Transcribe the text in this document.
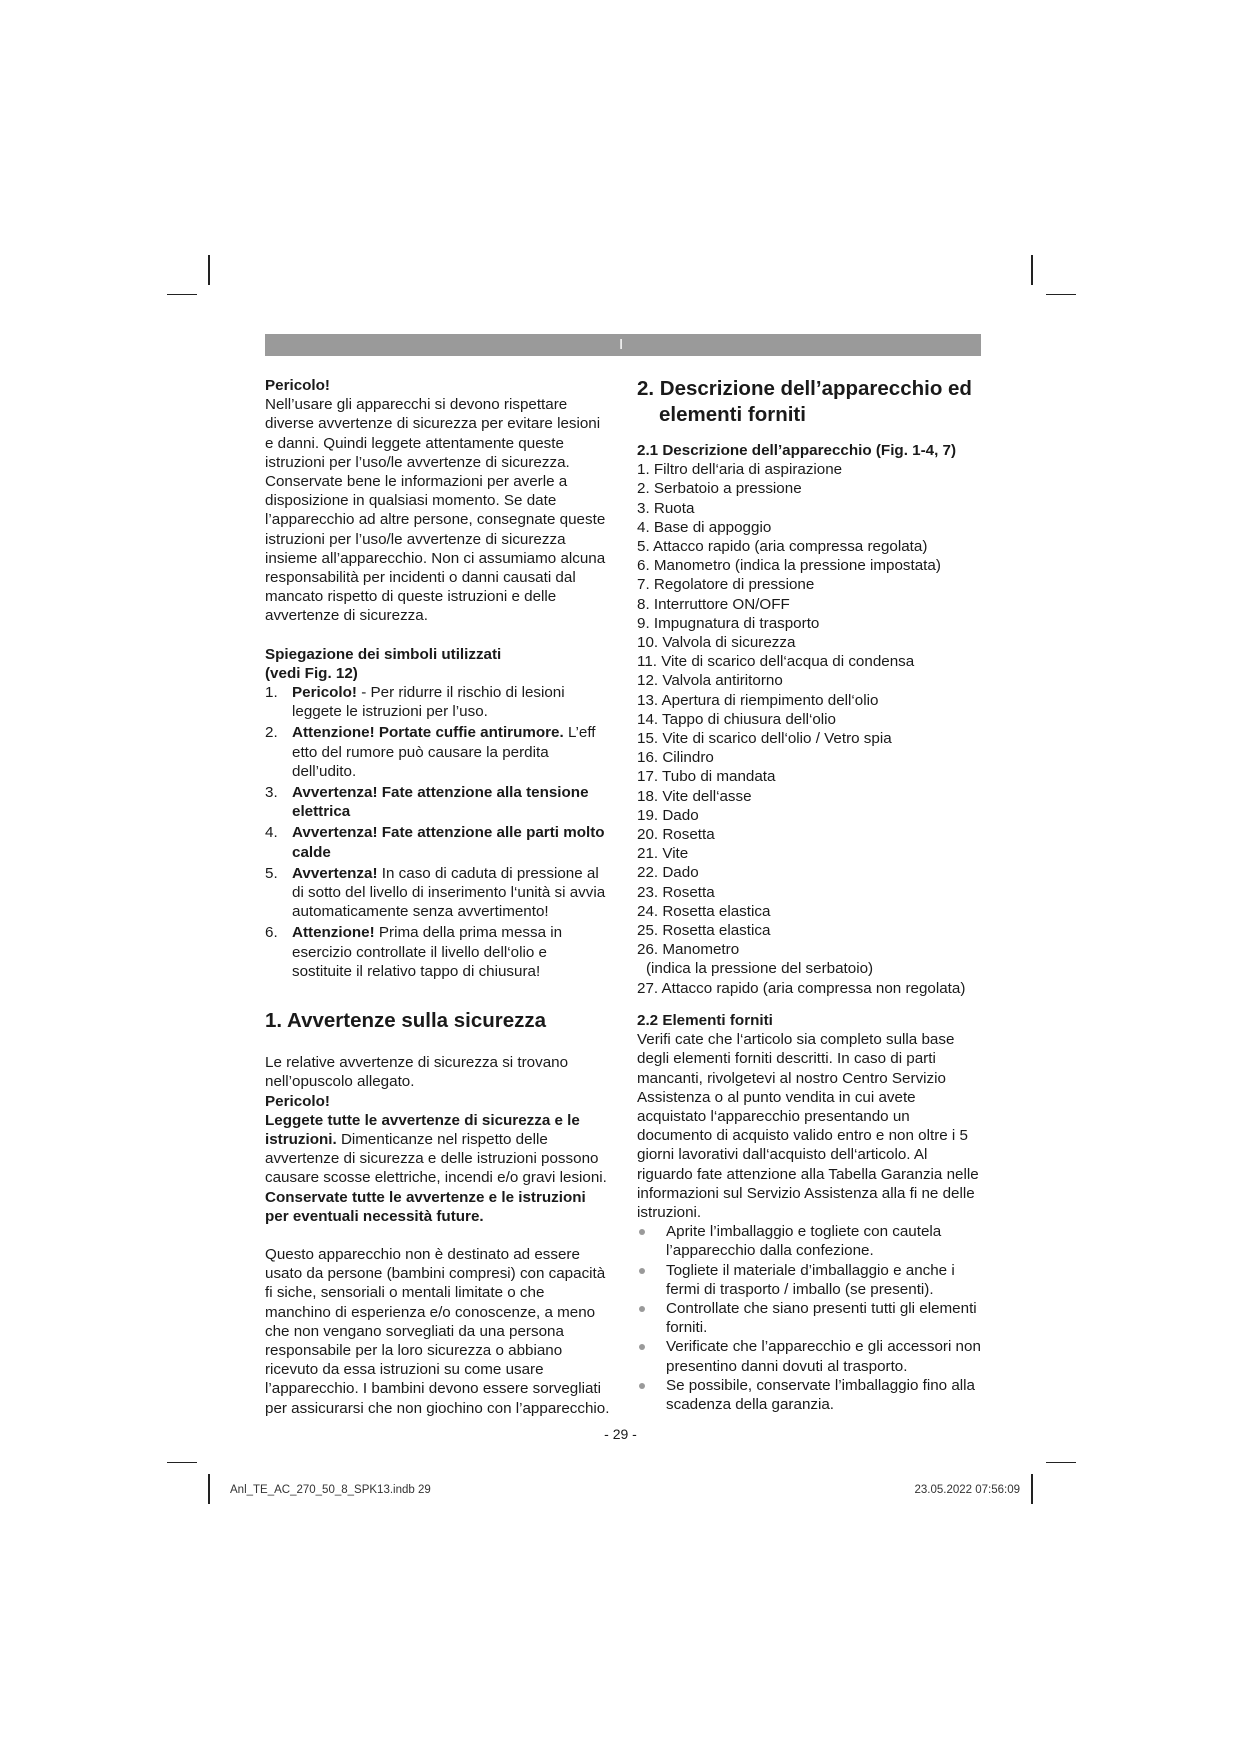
I

Pericolo!

Nell’usare gli apparecchi si devono rispettare diverse avvertenze di sicurezza per evitare lesioni e danni. Quindi leggete attentamente queste istruzioni per l’uso/le avvertenze di sicurezza. Conservate bene le informazioni per averle a disposizione in qualsiasi momento. Se date l’apparecchio ad altre persone, consegnate queste istruzioni per l’uso/le avvertenze di sicurezza insieme all’apparecchio. Non ci assumiamo alcuna responsabilità per incidenti o danni causati dal mancato rispetto di queste istruzioni e delle avvertenze di sicurezza.

Spiegazione dei simboli utilizzati

(vedi Fig. 12)

1. Pericolo! - Per ridurre il rischio di lesioni leggete le istruzioni per l’uso.
2. Attenzione! Portate cuffie antirumore. L’eff etto del rumore può causare la perdita dell’udito.
3. Avvertenza! Fate attenzione alla tensione elettrica
4. Avvertenza! Fate attenzione alle parti molto calde
5. Avvertenza! In caso di caduta di pressione al di sotto del livello di inserimento l‘unità si avvia automaticamente senza avvertimento!
6. Attenzione! Prima della prima messa in esercizio controllate il livello dell‘olio e sostituite il relativo tappo di chiusura!

1. Avvertenze sulla sicurezza

Le relative avvertenze di sicurezza si trovano nell’opuscolo allegato.

Pericolo!

Leggete tutte le avvertenze di sicurezza e le istruzioni. Dimenticanze nel rispetto delle avvertenze di sicurezza e delle istruzioni possono causare scosse elettriche, incendi e/o gravi lesioni.

Conservate tutte le avvertenze e le istruzioni per eventuali necessità future.

Questo apparecchio non è destinato ad essere usato da persone (bambini compresi) con capacità fi siche, sensoriali o mentali limitate o che manchino di esperienza e/o conoscenze, a meno che non vengano sorvegliati da una persona responsabile per la loro sicurezza o abbiano ricevuto da essa istruzioni su come usare l’apparecchio. I bambini devono essere sorvegliati per assicurarsi che non giochino con l’apparecchio.

2. Descrizione dell’apparecchio ed elementi forniti

2.1 Descrizione dell’apparecchio (Fig. 1-4, 7)

1. Filtro dell‘aria di aspirazione
2. Serbatoio a pressione
3. Ruota
4. Base di appoggio
5. Attacco rapido (aria compressa regolata)
6. Manometro (indica la pressione impostata)
7. Regolatore di pressione
8. Interruttore ON/OFF
9. Impugnatura di trasporto
10. Valvola di sicurezza
11. Vite di scarico dell‘acqua di condensa
12. Valvola antiritorno
13. Apertura di riempimento dell‘olio
14. Tappo di chiusura dell‘olio
15. Vite di scarico dell‘olio / Vetro spia
16. Cilindro
17. Tubo di mandata
18. Vite dell‘asse
19. Dado
20. Rosetta
21. Vite
22. Dado
23. Rosetta
24. Rosetta elastica
25. Rosetta elastica
26. Manometro
(indica la pressione del serbatoio)
27. Attacco rapido (aria compressa non regolata)

2.2 Elementi forniti

Verifi cate che l‘articolo sia completo sulla base degli elementi forniti descritti. In caso di parti mancanti, rivolgetevi al nostro Centro Servizio Assistenza o al punto vendita in cui avete acquistato l‘apparecchio presentando un documento di acquisto valido entro e non oltre i 5 giorni lavorativi dall‘acquisto dell‘articolo. Al riguardo fate attenzione alla Tabella Garanzia nelle informazioni sul Servizio Assistenza alla fi ne delle istruzioni.

Aprite l’imballaggio e togliete con cautela l’apparecchio dalla confezione.
Togliete il materiale d’imballaggio e anche i fermi di trasporto / imballo (se presenti).
Controllate che siano presenti tutti gli elementi forniti.
Verificate che l’apparecchio e gli accessori non presentino danni dovuti al trasporto.
Se possibile, conservate l’imballaggio fino alla scadenza della garanzia.
- 29 -
Anl_TE_AC_270_50_8_SPK13.indb 29	23.05.2022 07:56:09
